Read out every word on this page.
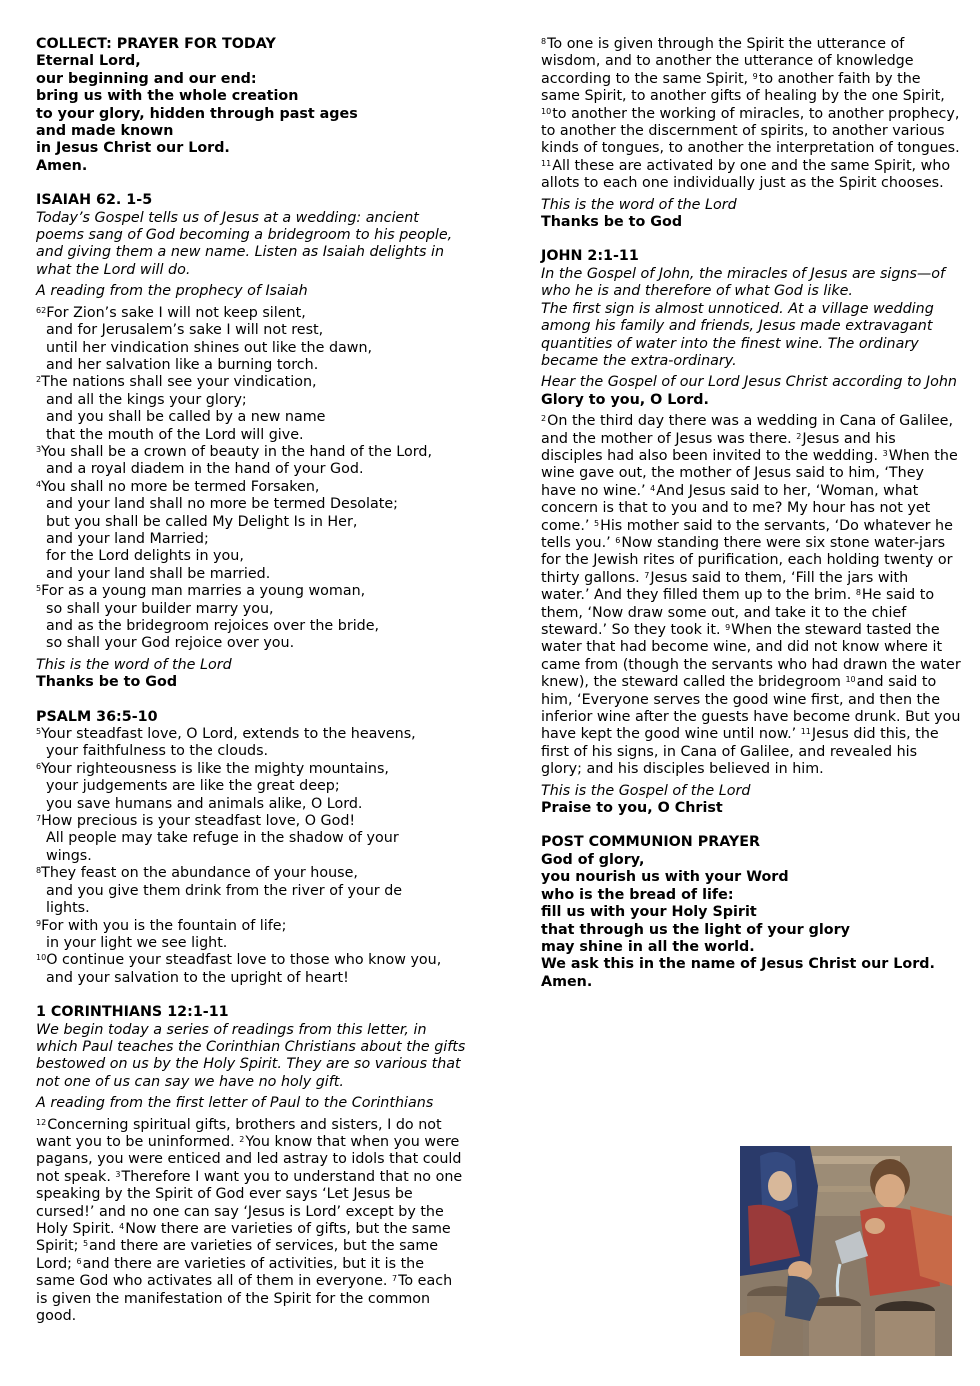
COLLECT: PRAYER FOR TODAY
Eternal Lord,
our beginning and our end:
bring us with the whole creation
to your glory, hidden through past ages
and made known
in Jesus Christ our Lord.
Amen.
ISAIAH 62. 1-5
Today’s Gospel tells us of Jesus at a wedding: ancient poems sang of God becoming a bridegroom to his people, and giving them a new name. Listen as Isaiah delights in what the Lord will do.
A reading from the prophecy of Isaiah
$^{62}$For Zion’s sake I will not keep silent,
and for Jerusalem’s sake I will not rest,
until her vindication shines out like the dawn,
and her salvation like a burning torch.
$^2$The nations shall see your vindication,
and all the kings your glory;
and you shall be called by a new name
that the mouth of the Lord will give.
$^3$You shall be a crown of beauty in the hand of the Lord,
and a royal diadem in the hand of your God.
$^4$You shall no more be termed Forsaken,
and your land shall no more be termed Desolate;
but you shall be called My Delight Is in Her,
and your land Married;
for the Lord delights in you,
and your land shall be married.
$^5$For as a young man marries a young woman,
so shall your builder marry you,
and as the bridegroom rejoices over the bride,
so shall your God rejoice over you.
This is the word of the Lord
Thanks be to God
PSALM 36:5-10
$^5$Your steadfast love, O Lord, extends to the heavens,
your faithfulness to the clouds.
$^6$Your righteousness is like the mighty mountains,
your judgements are like the great deep;
you save humans and animals alike, O Lord.
$^7$How precious is your steadfast love, O God!
All people may take refuge in the shadow of your
wings.
$^8$They feast on the abundance of your house,
and you give them drink from the river of your de
lights.
$^9$For with you is the fountain of life;
in your light we see light.
$^{10}$O continue your steadfast love to those who know you,
and your salvation to the upright of heart!
1 CORINTHIANS 12:1-11
We begin today a series of readings from this letter, in which Paul teaches the Corinthian Christians about the gifts bestowed on us by the Holy Spirit. They are so various that not one of us can say we have no holy gift.
A reading from the first letter of Paul to the Corinthians
$^{12}$Concerning spiritual gifts, brothers and sisters, I do not want you to be uninformed. $^2$You know that when you were pagans, you were enticed and led astray to idols that could not speak. $^3$Therefore I want you to understand that no one speaking by the Spirit of God ever says ‘Let Jesus be cursed!’ and no one can say ‘Jesus is Lord’ except by the Holy Spirit. $^4$Now there are varieties of gifts, but the same Spirit; $^5$and there are varieties of services, but the same Lord; $^6$and there are varieties of activities, but it is the same God who activates all of them in everyone. $^7$To each is given the manifestation of the Spirit for the common good.
$^8$To one is given through the Spirit the utterance of wisdom, and to another the utterance of knowledge according to the same Spirit, $^9$to another faith by the same Spirit, to another gifts of healing by the one Spirit, $^{10}$to another the working of miracles, to another prophecy, to another the discernment of spirits, to another various kinds of tongues, to another the interpretation of tongues. $^{11}$All these are activated by one and the same Spirit, who allots to each one individually just as the Spirit chooses.
This is the word of the Lord
Thanks be to God
JOHN 2:1-11
In the Gospel of John, the miracles of Jesus are signs—of who he is and therefore of what God is like.
The first sign is almost unnoticed. At a village wedding among his family and friends, Jesus made extravagant quantities of water into the finest wine. The ordinary became the extra-ordinary.
Hear the Gospel of our Lord Jesus Christ according to John
Glory to you, O Lord.
$^2$On the third day there was a wedding in Cana of Galilee, and the mother of Jesus was there. $^2$Jesus and his disciples had also been invited to the wedding. $^3$When the wine gave out, the mother of Jesus said to him, ‘They have no wine.’ $^4$And Jesus said to her, ‘Woman, what concern is that to you and to me? My hour has not yet come.’ $^5$His mother said to the servants, ‘Do whatever he tells you.’ $^6$Now standing there were six stone water-jars for the Jewish rites of purification, each holding twenty or thirty gallons. $^7$Jesus said to them, ‘Fill the jars with water.’ And they filled them up to the brim. $^8$He said to them, ‘Now draw some out, and take it to the chief steward.’ So they took it. $^9$When the steward tasted the water that had become wine, and did not know where it came from (though the servants who had drawn the water knew), the steward called the bridegroom $^{10}$and said to him, ‘Everyone serves the good wine first, and then the inferior wine after the guests have become drunk. But you have kept the good wine until now.’ $^{11}$Jesus did this, the first of his signs, in Cana of Galilee, and revealed his glory; and his disciples believed in him.
This is the Gospel of the Lord
Praise to you, O Christ
POST COMMUNION PRAYER
God of glory,
you nourish us with your Word
who is the bread of life:
fill us with your Holy Spirit
that through us the light of your glory
may shine in all the world.
We ask this in the name of Jesus Christ our Lord.
Amen.
